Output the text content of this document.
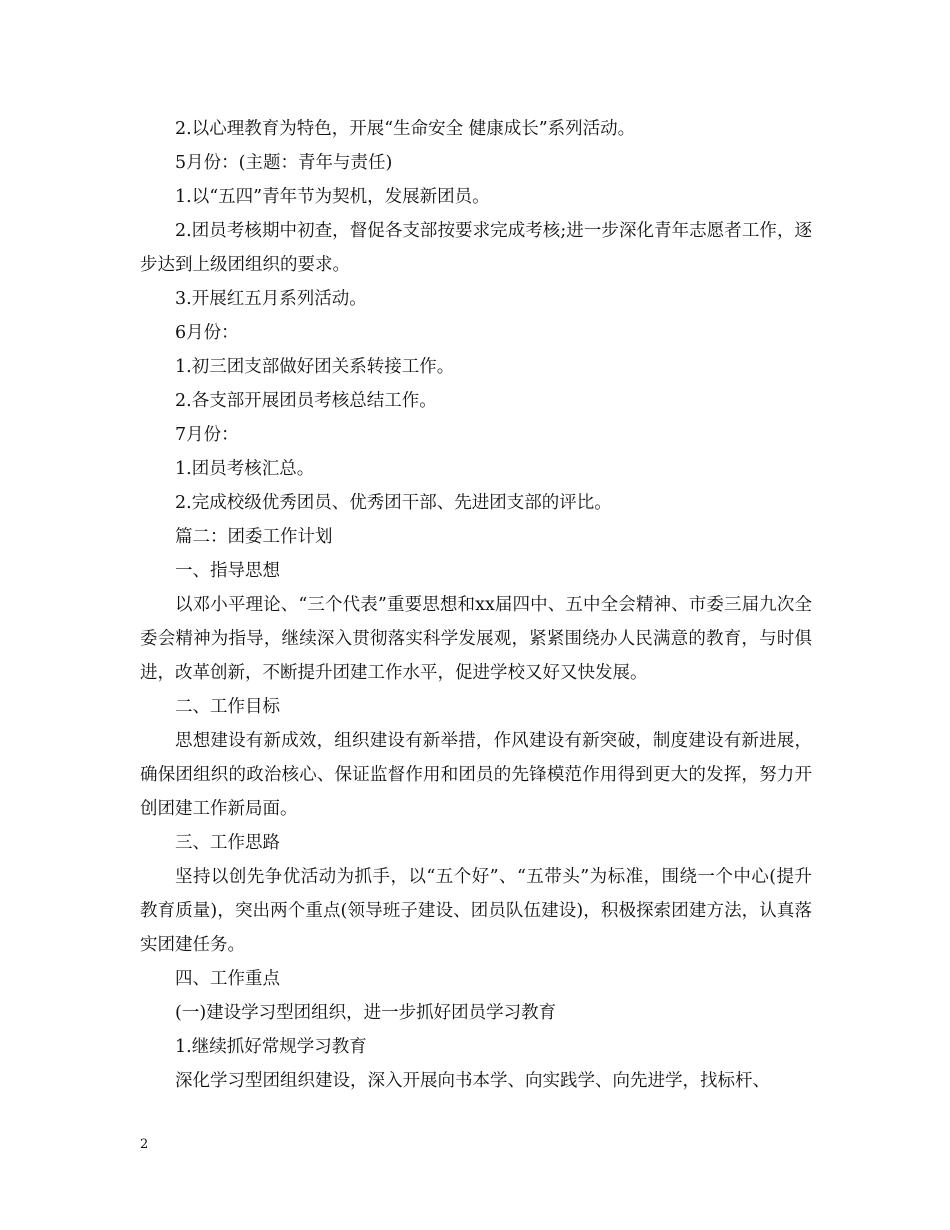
2.以心理教育为特色，开展“生命安全 健康成长”系列活动。

5月份：(主题：青年与责任)

1.以“五四”青年节为契机，发展新团员。

2.团员考核期中初查，督促各支部按要求完成考核;进一步深化青年志愿者工作，逐步达到上级团组织的要求。

3.开展红五月系列活动。

6月份：

1.初三团支部做好团关系转接工作。

2.各支部开展团员考核总结工作。

7月份：

1.团员考核汇总。

2.完成校级优秀团员、优秀团干部、先进团支部的评比。

篇二：团委工作计划

一、指导思想

以邓小平理论、“三个代表”重要思想和xx届四中、五中全会精神、市委三届九次全委会精神为指导，继续深入贯彻落实科学发展观，紧紧围绕办人民满意的教育，与时俱进，改革创新，不断提升团建工作水平，促进学校又好又快发展。

二、工作目标

思想建设有新成效，组织建设有新举措，作风建设有新突破，制度建设有新进展，确保团组织的政治核心、保证监督作用和团员的先锋模范作用得到更大的发挥，努力开创团建工作新局面。

三、工作思路

坚持以创先争优活动为抓手，以“五个好”、“五带头”为标准，围绕一个中心(提升教育质量)，突出两个重点(领导班子建设、团员队伍建设)，积极探索团建方法，认真落实团建任务。

四、工作重点

(一)建设学习型团组织，进一步抓好团员学习教育

1.继续抓好常规学习教育

深化学习型团组织建设，深入开展向书本学、向实践学、向先进学，找标杆、

2
